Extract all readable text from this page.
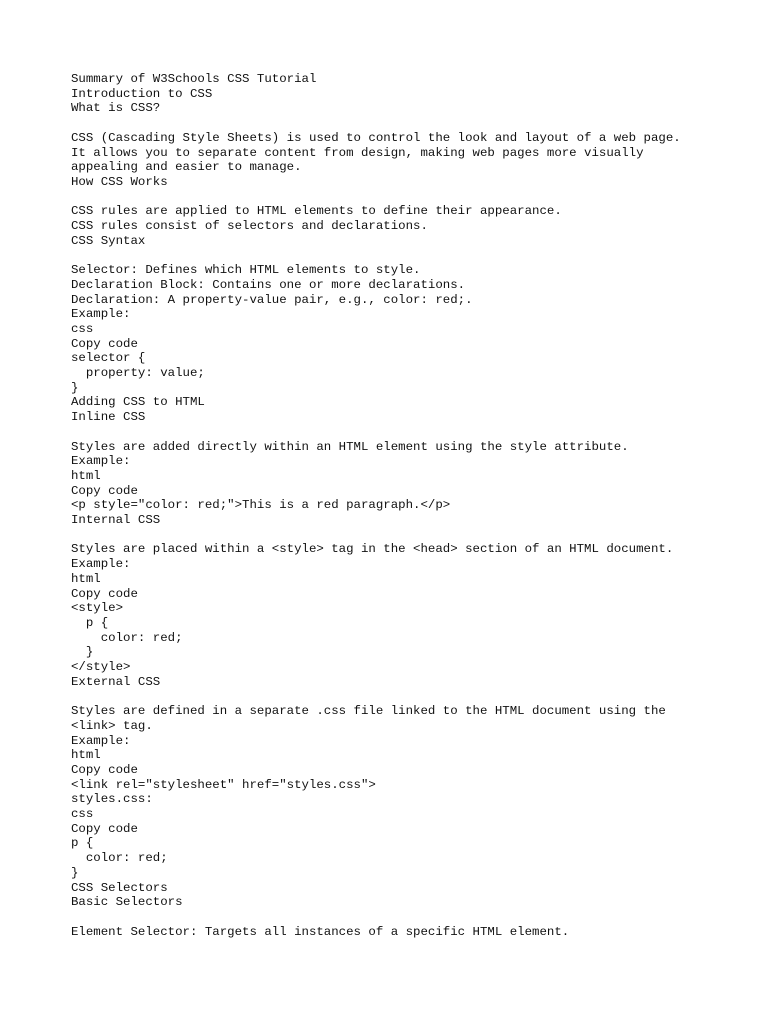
Summary of W3Schools CSS Tutorial
Introduction to CSS
What is CSS?
CSS (Cascading Style Sheets) is used to control the look and layout of a web page.
It allows you to separate content from design, making web pages more visually
appealing and easier to manage.
How CSS Works
CSS rules are applied to HTML elements to define their appearance.
CSS rules consist of selectors and declarations.
CSS Syntax
Selector: Defines which HTML elements to style.
Declaration Block: Contains one or more declarations.
Declaration: A property-value pair, e.g., color: red;.
Example:
css
Copy code
selector {
property: value;
}
Adding CSS to HTML
Inline CSS
Styles are added directly within an HTML element using the style attribute.
Example:
html
Copy code
<p style="color: red;">This is a red paragraph.</p>
Internal CSS
Styles are placed within a <style> tag in the <head> section of an HTML document.
Example:
html
Copy code
<style>
p {
color: red;
}
</style>
External CSS
Styles are defined in a separate .css file linked to the HTML document using the
<link> tag.
Example:
html
Copy code
<link rel="stylesheet" href="styles.css">
styles.css:
css
Copy code
p {
color: red;
}
CSS Selectors
Basic Selectors
Element Selector: Targets all instances of a specific HTML element.
